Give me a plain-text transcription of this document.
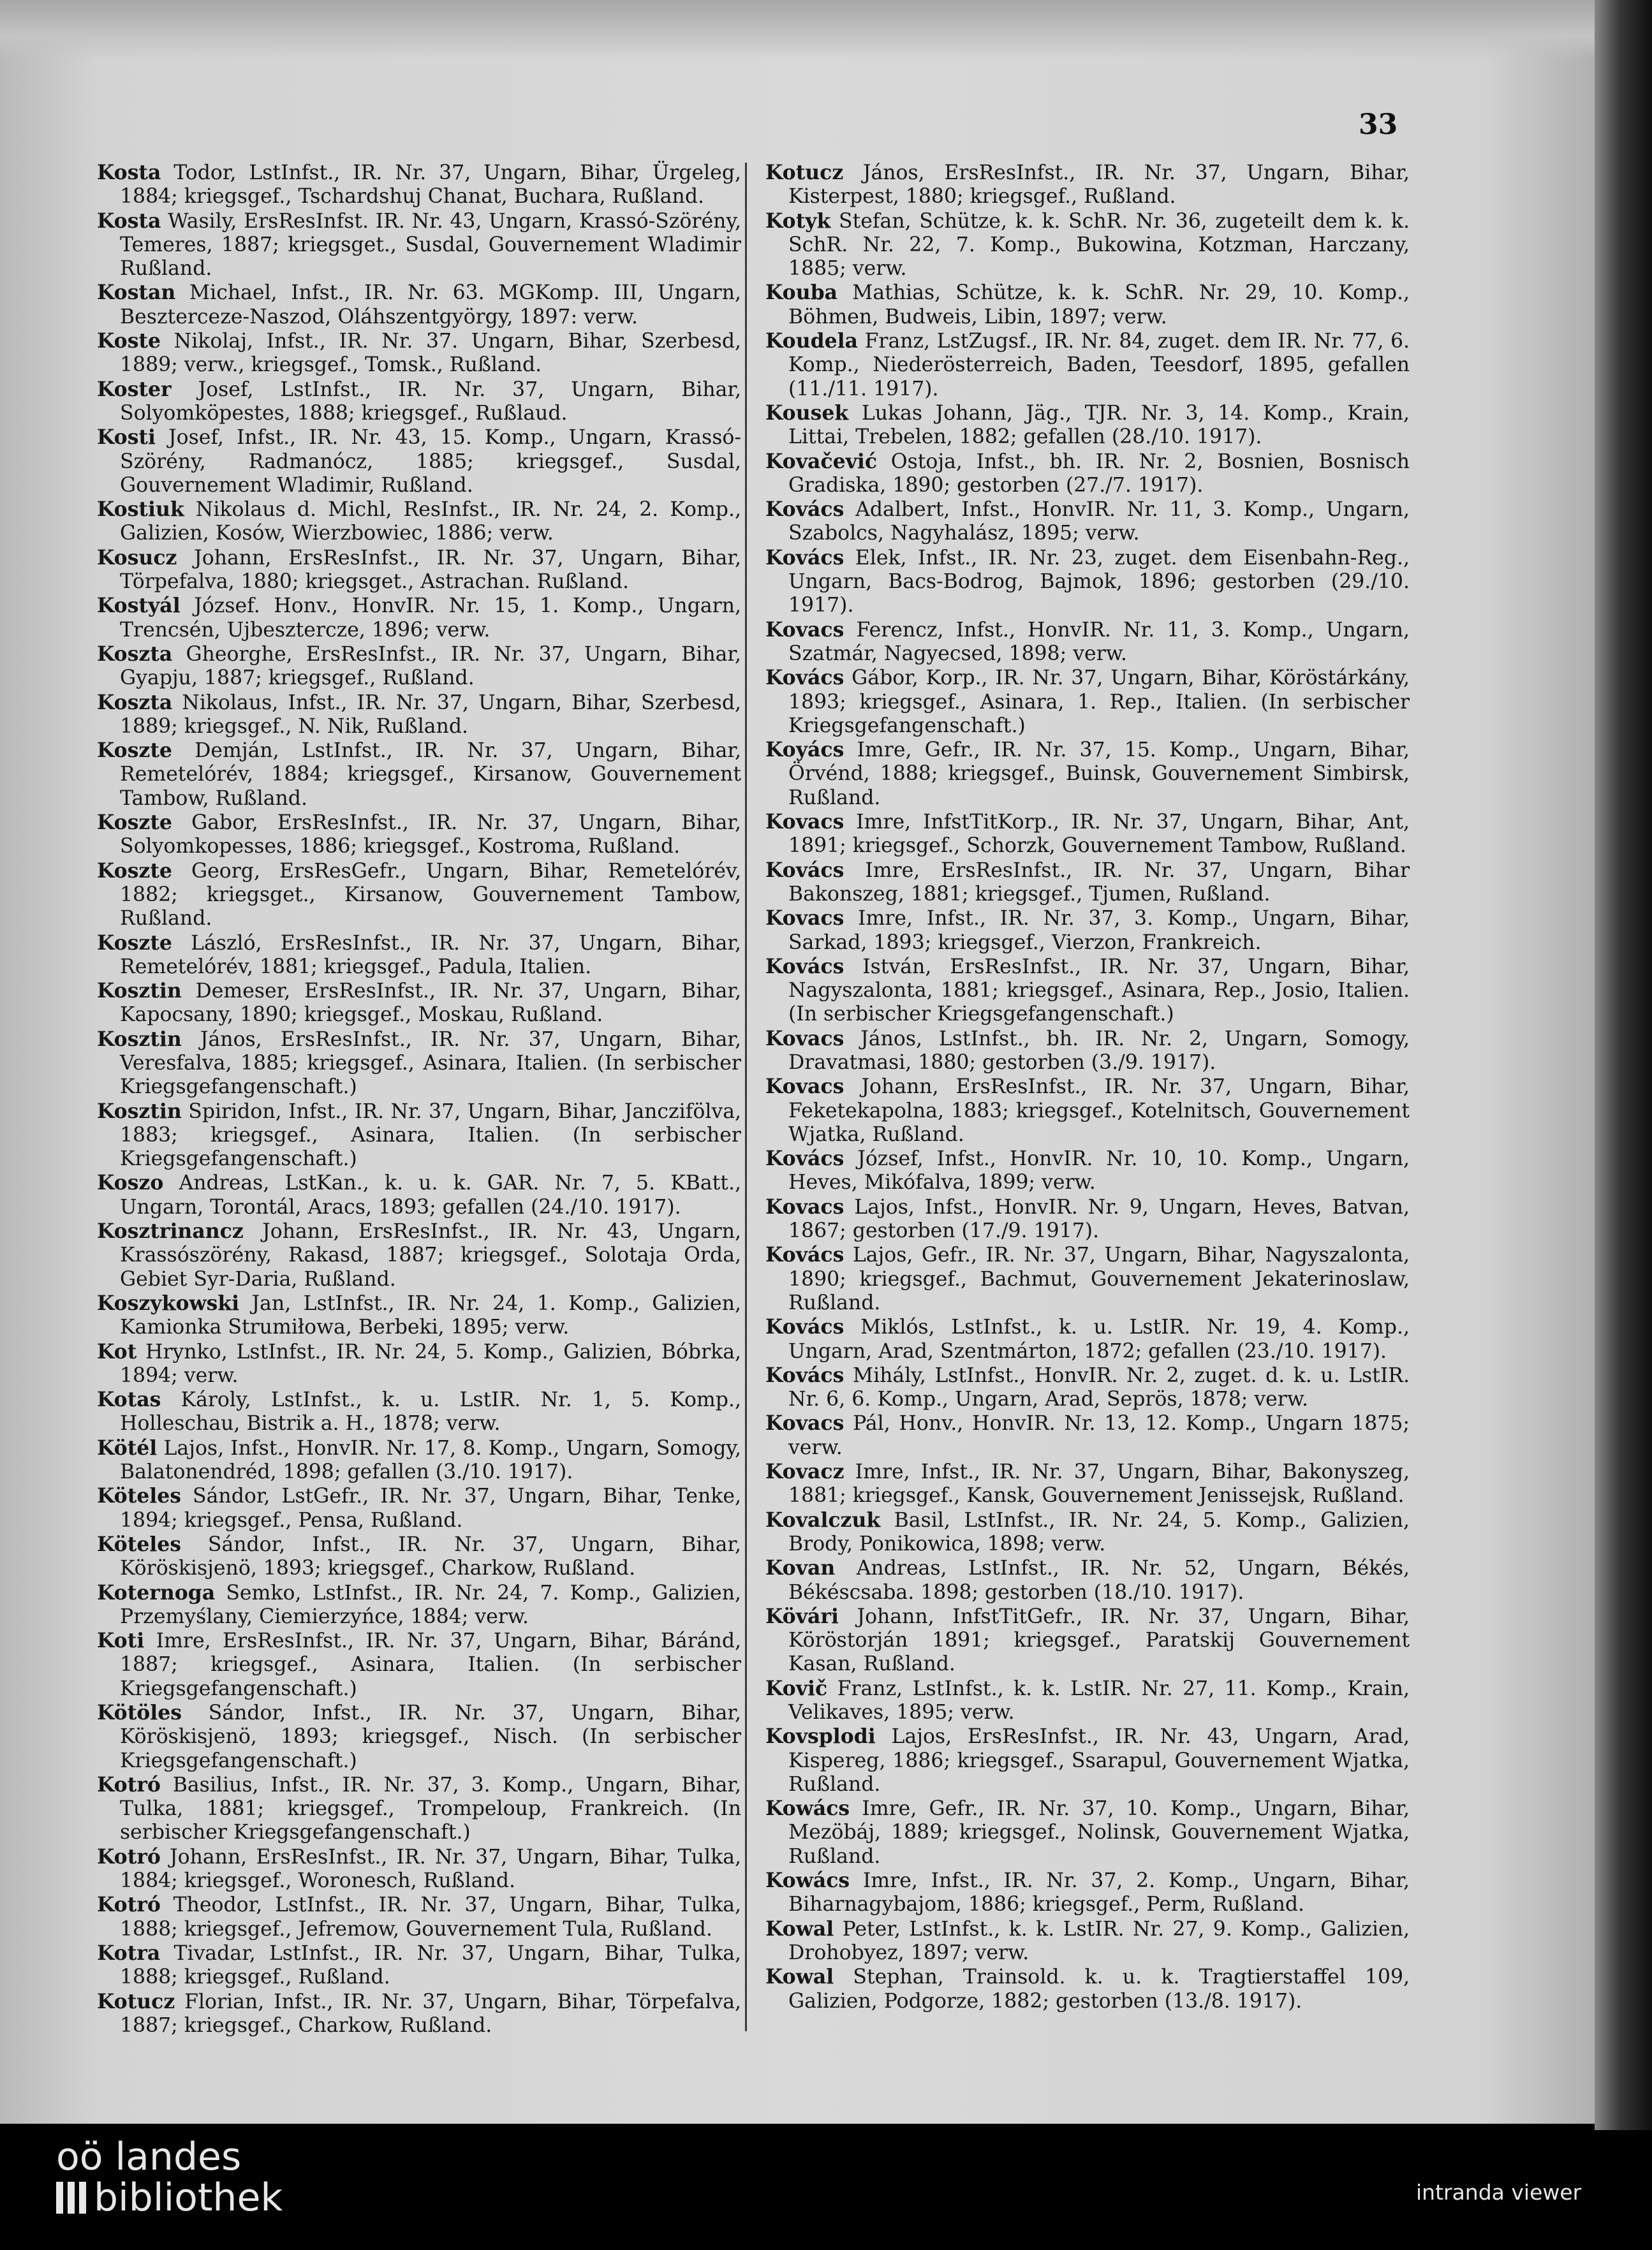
33

Kosta Todor, LstInfst., IR. Nr. 37, Ungarn, Bihar, Ürgeleg, 1884; kriegsgef., Tschardshuj Chanat, Buchara, Rußland.

Kosta Wasily, ErsResInfst. IR. Nr. 43, Ungarn, Krassó-Szörény, Temeres, 1887; kriegsget., Susdal, Gouvernement Wladimir Rußland.

Kostan Michael, Infst., IR. Nr. 63. MGKomp. III, Ungarn, Beszterceze-Naszod, Oláhszentgyörgy, 1897: verw.

Koste Nikolaj, Infst., IR. Nr. 37. Ungarn, Bihar, Szerbesd, 1889; verw., kriegsgef., Tomsk., Rußland.

Koster Josef, LstInfst., IR. Nr. 37, Ungarn, Bihar, Solyomköpestes, 1888; kriegsgef., Rußlaud.

Kosti Josef, Infst., IR. Nr. 43, 15. Komp., Ungarn, Krassó-Szörény, Radmanócz, 1885; kriegsgef., Susdal, Gouvernement Wladimir, Rußland.

Kostiuk Nikolaus d. Michl, ResInfst., IR. Nr. 24, 2. Komp., Galizien, Kosów, Wierzbowiec, 1886; verw.

Kosucz Johann, ErsResInfst., IR. Nr. 37, Ungarn, Bihar, Törpefalva, 1880; kriegsget., Astrachan. Rußland.

Kostyál József. Honv., HonvIR. Nr. 15, 1. Komp., Ungarn, Trencsén, Ujbesztercze, 1896; verw.

Koszta Gheorghe, ErsResInfst., IR. Nr. 37, Ungarn, Bihar, Gyapju, 1887; kriegsgef., Rußland.

Koszta Nikolaus, Infst., IR. Nr. 37, Ungarn, Bihar, Szerbesd, 1889; kriegsgef., N. Nik, Rußland.

Koszte Demján, LstInfst., IR. Nr. 37, Ungarn, Bihar, Remetelórév, 1884; kriegsgef., Kirsanow, Gouvernement Tambow, Rußland.

Koszte Gabor, ErsResInfst., IR. Nr. 37, Ungarn, Bihar, Solyomkopesses, 1886; kriegsgef., Kostroma, Rußland.

Koszte Georg, ErsResGefr., Ungarn, Bihar, Remetelórév, 1882; kriegsget., Kirsanow, Gouvernement Tambow, Rußland.

Koszte László, ErsResInfst., IR. Nr. 37, Ungarn, Bihar, Remetelórév, 1881; kriegsgef., Padula, Italien.

Kosztin Demeser, ErsResInfst., IR. Nr. 37, Ungarn, Bihar, Kapocsany, 1890; kriegsgef., Moskau, Rußland.

Kosztin János, ErsResInfst., IR. Nr. 37, Ungarn, Bihar, Veresfalva, 1885; kriegsgef., Asinara, Italien. (In serbischer Kriegsgefangenschaft.)

Kosztin Spiridon, Infst., IR. Nr. 37, Ungarn, Bihar, Janczifölva, 1883; kriegsgef., Asinara, Italien. (In serbischer Kriegsgefangenschaft.)

Koszo Andreas, LstKan., k. u. k. GAR. Nr. 7, 5. KBatt., Ungarn, Torontál, Aracs, 1893; gefallen (24./10. 1917).

Kosztrinancz Johann, ErsResInfst., IR. Nr. 43, Ungarn, Krassószörény, Rakasd, 1887; kriegsgef., Solotaja Orda, Gebiet Syr-Daria, Rußland.

Koszykowski Jan, LstInfst., IR. Nr. 24, 1. Komp., Galizien, Kamionka Strumiłowa, Berbeki, 1895; verw.

Kot Hrynko, LstInfst., IR. Nr. 24, 5. Komp., Galizien, Bóbrka, 1894; verw.

Kotas Károly, LstInfst., k. u. LstIR. Nr. 1, 5. Komp., Holleschau, Bistrik a. H., 1878; verw.

Kötél Lajos, Infst., HonvIR. Nr. 17, 8. Komp., Ungarn, Somogy, Balatonendréd, 1898; gefallen (3./10. 1917).

Köteles Sándor, LstGefr., IR. Nr. 37, Ungarn, Bihar, Tenke, 1894; kriegsgef., Pensa, Rußland.

Köteles Sándor, Infst., IR. Nr. 37, Ungarn, Bihar, Köröskisjenö, 1893; kriegsgef., Charkow, Rußland.

Koternoga Semko, LstInfst., IR. Nr. 24, 7. Komp., Galizien, Przemyślany, Ciemierzyńce, 1884; verw.

Koti Imre, ErsResInfst., IR. Nr. 37, Ungarn, Bihar, Báránd, 1887; kriegsgef., Asinara, Italien. (In serbischer Kriegsgefangenschaft.)

Kötöles Sándor, Infst., IR. Nr. 37, Ungarn, Bihar, Köröskisjenö, 1893; kriegsgef., Nisch. (In serbischer Kriegsgefangenschaft.)

Kotró Basilius, Infst., IR. Nr. 37, 3. Komp., Ungarn, Bihar, Tulka, 1881; kriegsgef., Trompeloup, Frankreich. (In serbischer Kriegsgefangenschaft.)

Kotró Johann, ErsResInfst., IR. Nr. 37, Ungarn, Bihar, Tulka, 1884; kriegsgef., Woronesch, Rußland.

Kotró Theodor, LstInfst., IR. Nr. 37, Ungarn, Bihar, Tulka, 1888; kriegsgef., Jefremow, Gouvernement Tula, Rußland.

Kotra Tivadar, LstInfst., IR. Nr. 37, Ungarn, Bihar, Tulka, 1888; kriegsgef., Rußland.

Kotucz Florian, Infst., IR. Nr. 37, Ungarn, Bihar, Törpefalva, 1887; kriegsgef., Charkow, Rußland.

Kotucz János, ErsResInfst., IR. Nr. 37, Ungarn, Bihar, Kisterpest, 1880; kriegsgef., Rußland.

Kotyk Stefan, Schütze, k. k. SchR. Nr. 36, zugeteilt dem k. k. SchR. Nr. 22, 7. Komp., Bukowina, Kotzman, Harczany, 1885; verw.

Kouba Mathias, Schütze, k. k. SchR. Nr. 29, 10. Komp., Böhmen, Budweis, Libin, 1897; verw.

Koudela Franz, LstZugsf., IR. Nr. 84, zuget. dem IR. Nr. 77, 6. Komp., Niederösterreich, Baden, Teesdorf, 1895, gefallen (11./11. 1917).

Kousek Lukas Johann, Jäg., TJR. Nr. 3, 14. Komp., Krain, Littai, Trebelen, 1882; gefallen (28./10. 1917).

Kovačević Ostoja, Infst., bh. IR. Nr. 2, Bosnien, Bosnisch Gradiska, 1890; gestorben (27./7. 1917).

Kovács Adalbert, Infst., HonvIR. Nr. 11, 3. Komp., Ungarn, Szabolcs, Nagyhalász, 1895; verw.

Kovács Elek, Infst., IR. Nr. 23, zuget. dem Eisenbahn-Reg., Ungarn, Bacs-Bodrog, Bajmok, 1896; gestorben (29./10. 1917).

Kovacs Ferencz, Infst., HonvIR. Nr. 11, 3. Komp., Ungarn, Szatmár, Nagyecsed, 1898; verw.

Kovács Gábor, Korp., IR. Nr. 37, Ungarn, Bihar, Köröstárkány, 1893; kriegsgef., Asinara, 1. Rep., Italien. (In serbischer Kriegsgefangenschaft.)

Koyács Imre, Gefr., IR. Nr. 37, 15. Komp., Ungarn, Bihar, Örvénd, 1888; kriegsgef., Buinsk, Gouvernement Simbirsk, Rußland.

Kovacs Imre, InfstTitKorp., IR. Nr. 37, Ungarn, Bihar, Ant, 1891; kriegsgef., Schorzk, Gouvernement Tambow, Rußland.

Kovács Imre, ErsResInfst., IR. Nr. 37, Ungarn, Bihar Bakonszeg, 1881; kriegsgef., Tjumen, Rußland.

Kovacs Imre, Infst., IR. Nr. 37, 3. Komp., Ungarn, Bihar, Sarkad, 1893; kriegsgef., Vierzon, Frankreich.

Kovács István, ErsResInfst., IR. Nr. 37, Ungarn, Bihar, Nagyszalonta, 1881; kriegsgef., Asinara, Rep., Josio, Italien. (In serbischer Kriegsgefangenschaft.)

Kovacs János, LstInfst., bh. IR. Nr. 2, Ungarn, Somogy, Dravatmasi, 1880; gestorben (3./9. 1917).

Kovacs Johann, ErsResInfst., IR. Nr. 37, Ungarn, Bihar, Feketekapolna, 1883; kriegsgef., Kotelnitsch, Gouvernement Wjatka, Rußland.

Kovács József, Infst., HonvIR. Nr. 10, 10. Komp., Ungarn, Heves, Mikófalva, 1899; verw.

Kovacs Lajos, Infst., HonvIR. Nr. 9, Ungarn, Heves, Batvan, 1867; gestorben (17./9. 1917).

Kovács Lajos, Gefr., IR. Nr. 37, Ungarn, Bihar, Nagyszalonta, 1890; kriegsgef., Bachmut, Gouvernement Jekaterinoslaw, Rußland.

Kovács Miklós, LstInfst., k. u. LstIR. Nr. 19, 4. Komp., Ungarn, Arad, Szentmárton, 1872; gefallen (23./10. 1917).

Kovács Mihály, LstInfst., HonvIR. Nr. 2, zuget. d. k. u. LstIR. Nr. 6, 6. Komp., Ungarn, Arad, Seprös, 1878; verw.

Kovacs Pál, Honv., HonvIR. Nr. 13, 12. Komp., Ungarn 1875; verw.

Kovacz Imre, Infst., IR. Nr. 37, Ungarn, Bihar, Bakonyszeg, 1881; kriegsgef., Kansk, Gouvernement Jenissejsk, Rußland.

Kovalczuk Basil, LstInfst., IR. Nr. 24, 5. Komp., Galizien, Brody, Ponikowica, 1898; verw.

Kovan Andreas, LstInfst., IR. Nr. 52, Ungarn, Békés, Békéscsaba. 1898; gestorben (18./10. 1917).

Kövári Johann, InfstTitGefr., IR. Nr. 37, Ungarn, Bihar, Köröstorján 1891; kriegsgef., Paratskij Gouvernement Kasan, Rußland.

Kovič Franz, LstInfst., k. k. LstIR. Nr. 27, 11. Komp., Krain, Velikaves, 1895; verw.

Kovsplodi Lajos, ErsResInfst., IR. Nr. 43, Ungarn, Arad, Kispereg, 1886; kriegsgef., Ssarapul, Gouvernement Wjatka, Rußland.

Kowács Imre, Gefr., IR. Nr. 37, 10. Komp., Ungarn, Bihar, Mezöbáj, 1889; kriegsgef., Nolinsk, Gouvernement Wjatka, Rußland.

Kowács Imre, Infst., IR. Nr. 37, 2. Komp., Ungarn, Bihar, Biharnagybajom, 1886; kriegsgef., Perm, Rußland.

Kowal Peter, LstInfst., k. k. LstIR. Nr. 27, 9. Komp., Galizien, Drohobyez, 1897; verw.

Kowal Stephan, Trainsold. k. u. k. Tragtierstaffel 109, Galizien, Podgorze, 1882; gestorben (13./8. 1917).

oö landes
bibliothek	intranda viewer
